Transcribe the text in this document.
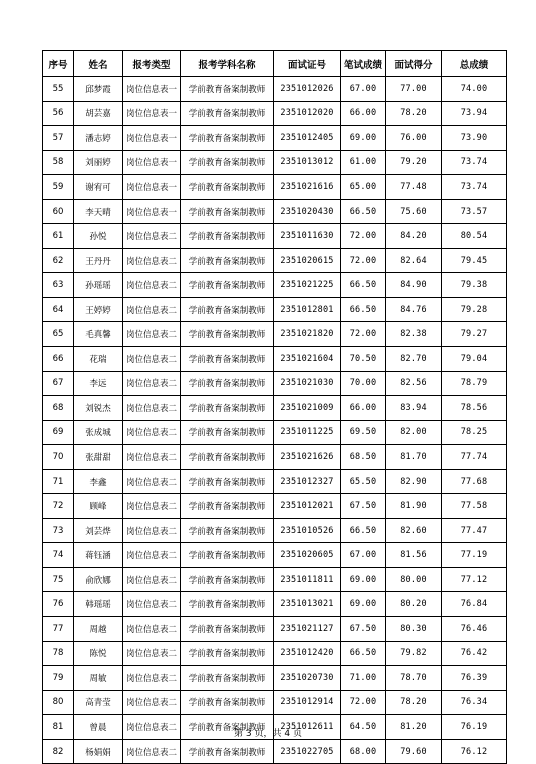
序号	姓名	报考类型	报考学科名称	面试证号	笔试成绩	面试得分	总成绩
55	邱梦霞	岗位信息表一	学前教育备案制教师	2351012026	67.00	77.00	74.00
56	胡芸嘉	岗位信息表一	学前教育备案制教师	2351012020	66.00	78.20	73.94
57	潘志婷	岗位信息表一	学前教育备案制教师	2351012405	69.00	76.00	73.90
58	刘丽婷	岗位信息表一	学前教育备案制教师	2351013012	61.00	79.20	73.74
59	谢宥可	岗位信息表一	学前教育备案制教师	2351021616	65.00	77.48	73.74
60	李天晴	岗位信息表一	学前教育备案制教师	2351020430	66.50	75.60	73.57
61	孙悦	岗位信息表二	学前教育备案制教师	2351011630	72.00	84.20	80.54
62	王丹丹	岗位信息表二	学前教育备案制教师	2351020615	72.00	82.64	79.45
63	孙瑶瑶	岗位信息表二	学前教育备案制教师	2351021225	66.50	84.90	79.38
64	王婷婷	岗位信息表二	学前教育备案制教师	2351012801	66.50	84.76	79.28
65	毛真馨	岗位信息表二	学前教育备案制教师	2351021820	72.00	82.38	79.27
66	花瑞	岗位信息表二	学前教育备案制教师	2351021604	70.50	82.70	79.04
67	李远	岗位信息表二	学前教育备案制教师	2351021030	70.00	82.56	78.79
68	刘锐杰	岗位信息表二	学前教育备案制教师	2351021009	66.00	83.94	78.56
69	张成城	岗位信息表二	学前教育备案制教师	2351011225	69.50	82.00	78.25
70	张甜甜	岗位信息表二	学前教育备案制教师	2351021626	68.50	81.70	77.74
71	李鑫	岗位信息表二	学前教育备案制教师	2351012327	65.50	82.90	77.68
72	顾峰	岗位信息表二	学前教育备案制教师	2351012021	67.50	81.90	77.58
73	刘芸烨	岗位信息表二	学前教育备案制教师	2351010526	66.50	82.60	77.47
74	蒋钰涵	岗位信息表二	学前教育备案制教师	2351020605	67.00	81.56	77.19
75	俞欣娜	岗位信息表二	学前教育备案制教师	2351011811	69.00	80.00	77.12
76	韩瑶瑶	岗位信息表二	学前教育备案制教师	2351013021	69.00	80.20	76.84
77	周越	岗位信息表二	学前教育备案制教师	2351021127	67.50	80.30	76.46
78	陈悦	岗位信息表二	学前教育备案制教师	2351012420	66.50	79.82	76.42
79	周敏	岗位信息表二	学前教育备案制教师	2351020730	71.00	78.70	76.39
80	高青莹	岗位信息表二	学前教育备案制教师	2351012914	72.00	78.20	76.34
81	曾晨	岗位信息表二	学前教育备案制教师	2351012611	64.50	81.20	76.19
82	杨娟娟	岗位信息表二	学前教育备案制教师	2351022705	68.00	79.60	76.12
第 3 页，共 4 页
